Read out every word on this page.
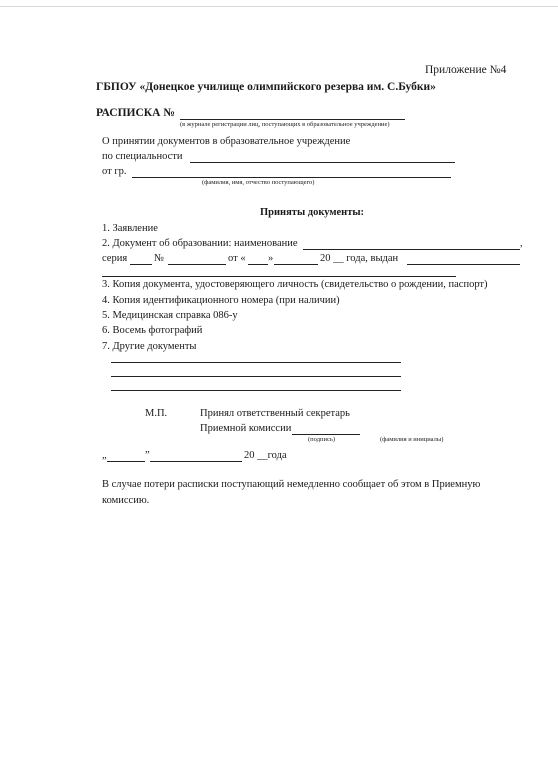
Приложение №4
ГБПОУ «Донецкое училище олимпийского резерва им. С.Бубки»
РАСПИСКА №
(в журнале регистрации лиц, поступающих в образовательное учреждение)
О принятии документов в образовательное учреждение
по специальности
от гр.
(фамилия, имя, отчество поступающего)
Приняты документы:
1. Заявление
2. Документ об образовании: наименование	,
серия	№	от « »	20 __ года, выдан
3. Копия документа, удостоверяющего личность (свидетельство о рождении, паспорт)
4. Копия идентификационного номера (при наличии)
5. Медицинская справка 086-у
6. Восемь фотографий
7. Другие документы
М.П.	Принял ответственный секретарь
Приемной комиссии
(подпись)	(фамилия и инициалы)
„	”	20 __года
В случае потери расписки поступающий немедленно сообщает об этом в Приемную
комиссию.
